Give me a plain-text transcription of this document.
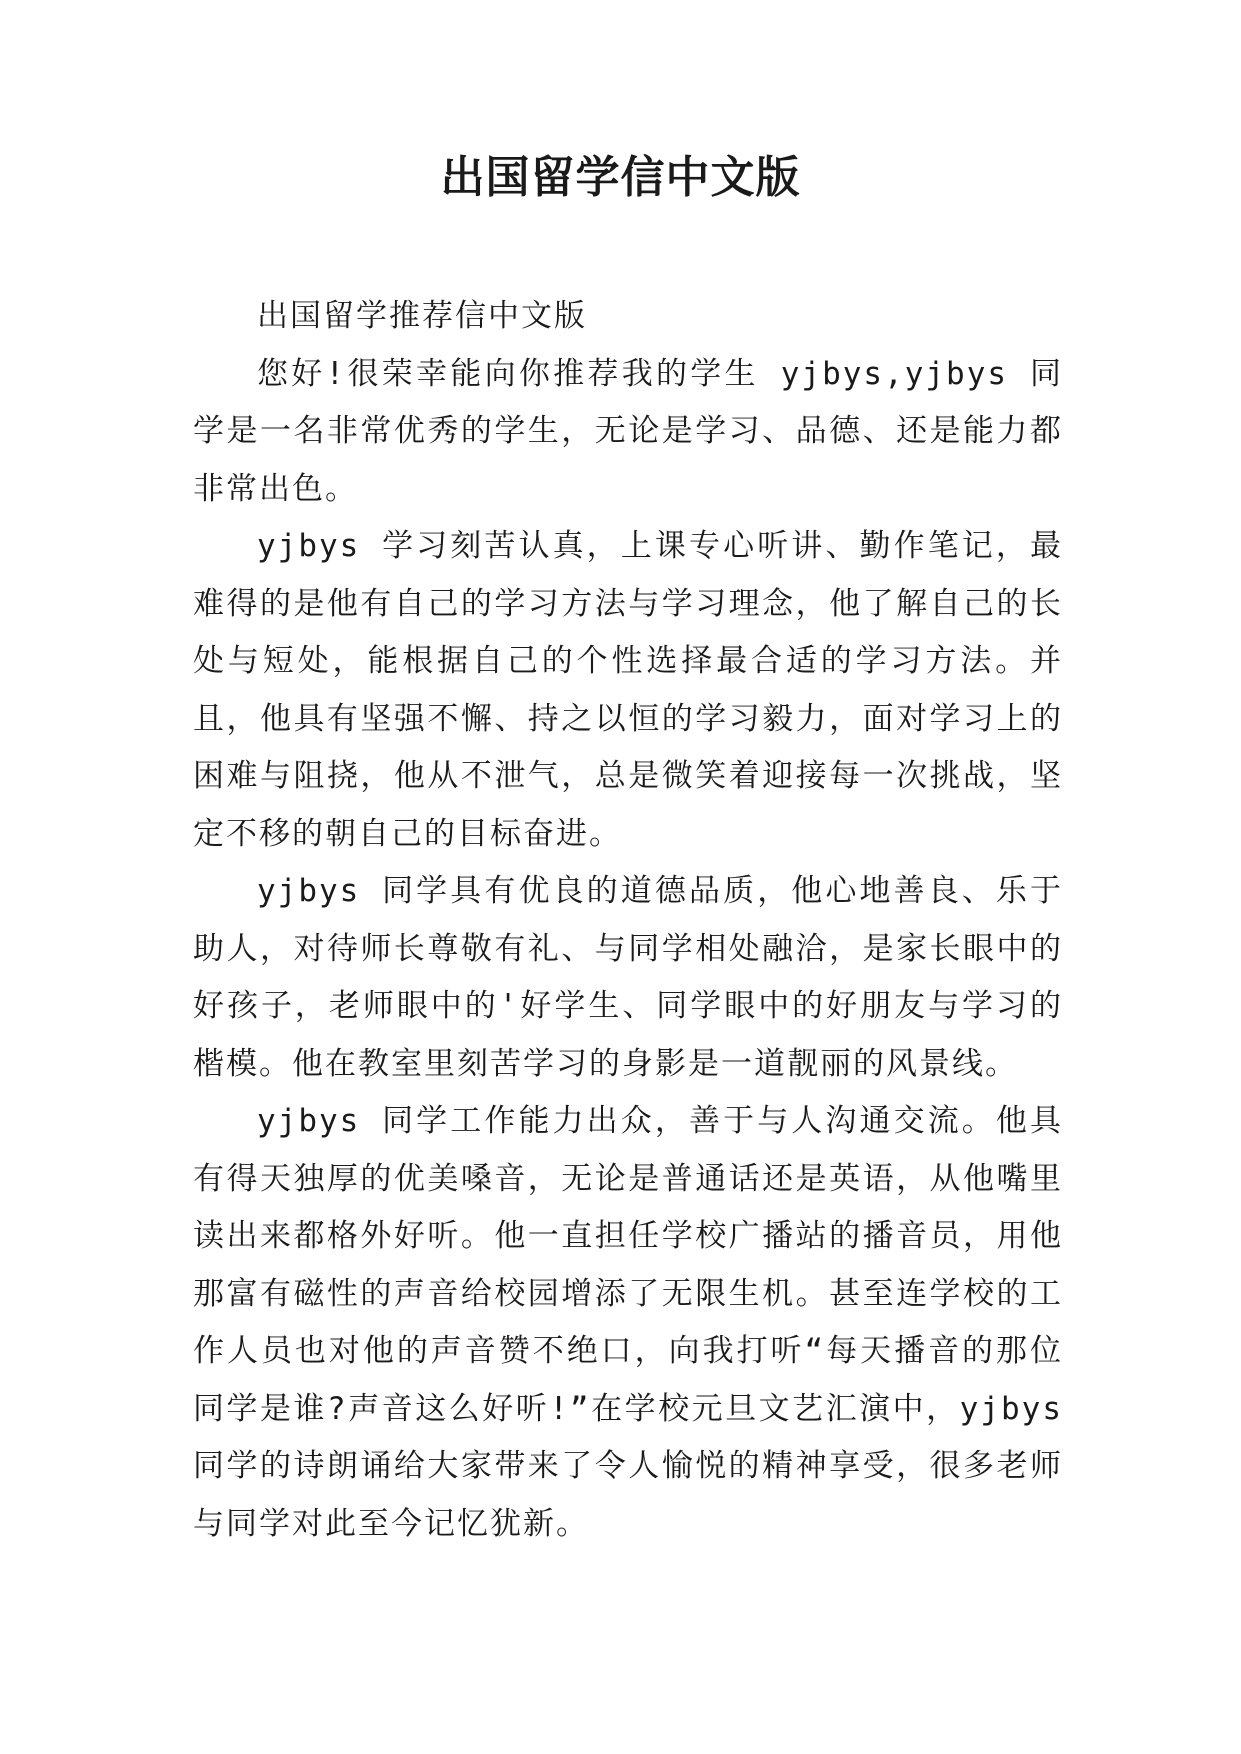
出国留学信中文版

出国留学推荐信中文版

您好!很荣幸能向你推荐我的学生 yjbys,yjbys 同学是一名非常优秀的学生，无论是学习、品德、还是能力都非常出色。

yjbys 学习刻苦认真，上课专心听讲、勤作笔记，最难得的是他有自己的学习方法与学习理念，他了解自己的长处与短处，能根据自己的个性选择最合适的学习方法。并且，他具有坚强不懈、持之以恒的学习毅力，面对学习上的困难与阻挠，他从不泄气，总是微笑着迎接每一次挑战，坚定不移的朝自己的目标奋进。

yjbys 同学具有优良的道德品质，他心地善良、乐于助人，对待师长尊敬有礼、与同学相处融洽，是家长眼中的好孩子，老师眼中的'好学生、同学眼中的好朋友与学习的楷模。他在教室里刻苦学习的身影是一道靓丽的风景线。

yjbys 同学工作能力出众，善于与人沟通交流。他具有得天独厚的优美嗓音，无论是普通话还是英语，从他嘴里读出来都格外好听。他一直担任学校广播站的播音员，用他那富有磁性的声音给校园增添了无限生机。甚至连学校的工作人员也对他的声音赞不绝口，向我打听“每天播音的那位同学是谁?声音这么好听!”在学校元旦文艺汇演中，yjbys 同学的诗朗诵给大家带来了令人愉悦的精神享受，很多老师与同学对此至今记忆犹新。
